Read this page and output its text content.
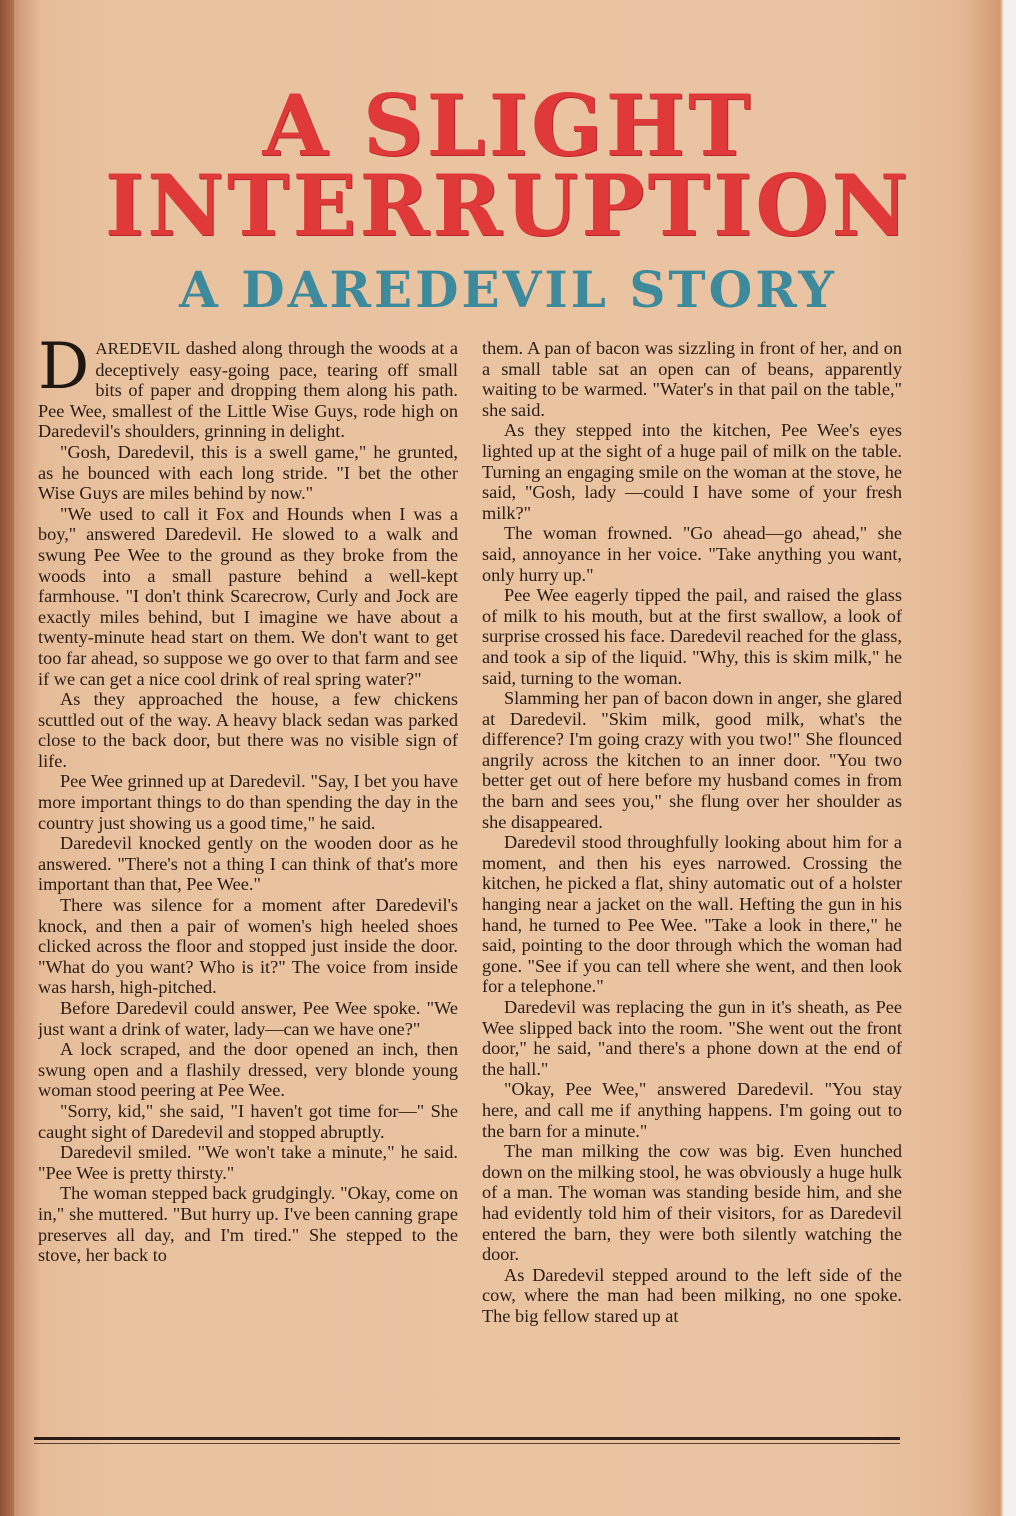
A SLIGHT
INTERRUPTION
A DAREDEVIL STORY

DAREDEVIL dashed along through the woods at a deceptively easy-going pace, tearing off small bits of paper and dropping them along his path. Pee Wee, smallest of the Little Wise Guys, rode high on Daredevil's shoulders, grinning in delight.

"Gosh, Daredevil, this is a swell game," he grunted, as he bounced with each long stride. "I bet the other Wise Guys are miles behind by now."

"We used to call it Fox and Hounds when I was a boy," answered Daredevil. He slowed to a walk and swung Pee Wee to the ground as they broke from the woods into a small pasture behind a well-kept farmhouse. "I don't think Scarecrow, Curly and Jock are exactly miles behind, but I imagine we have about a twenty-minute head start on them. We don't want to get too far ahead, so suppose we go over to that farm and see if we can get a nice cool drink of real spring water?"

As they approached the house, a few chickens scuttled out of the way. A heavy black sedan was parked close to the back door, but there was no visible sign of life.

Pee Wee grinned up at Daredevil. "Say, I bet you have more important things to do than spending the day in the country just showing us a good time," he said.

Daredevil knocked gently on the wooden door as he answered. "There's not a thing I can think of that's more important than that, Pee Wee."

There was silence for a moment after Daredevil's knock, and then a pair of women's high heeled shoes clicked across the floor and stopped just inside the door. "What do you want? Who is it?" The voice from inside was harsh, high-pitched.

Before Daredevil could answer, Pee Wee spoke. "We just want a drink of water, lady—can we have one?"

A lock scraped, and the door opened an inch, then swung open and a flashily dressed, very blonde young woman stood peering at Pee Wee.

"Sorry, kid," she said, "I haven't got time for—" She caught sight of Daredevil and stopped abruptly.

Daredevil smiled. "We won't take a minute," he said. "Pee Wee is pretty thirsty."

The woman stepped back grudgingly. "Okay, come on in," she muttered. "But hurry up. I've been canning grape preserves all day, and I'm tired." She stepped to the stove, her back to

them. A pan of bacon was sizzling in front of her, and on a small table sat an open can of beans, apparently waiting to be warmed. "Water's in that pail on the table," she said.

As they stepped into the kitchen, Pee Wee's eyes lighted up at the sight of a huge pail of milk on the table. Turning an engaging smile on the woman at the stove, he said, "Gosh, lady —could I have some of your fresh milk?"

The woman frowned. "Go ahead—go ahead," she said, annoyance in her voice. "Take anything you want, only hurry up."

Pee Wee eagerly tipped the pail, and raised the glass of milk to his mouth, but at the first swallow, a look of surprise crossed his face. Daredevil reached for the glass, and took a sip of the liquid. "Why, this is skim milk," he said, turning to the woman.

Slamming her pan of bacon down in anger, she glared at Daredevil. "Skim milk, good milk, what's the difference? I'm going crazy with you two!" She flounced angrily across the kitchen to an inner door. "You two better get out of here before my husband comes in from the barn and sees you," she flung over her shoulder as she disappeared.

Daredevil stood throughfully looking about him for a moment, and then his eyes narrowed. Crossing the kitchen, he picked a flat, shiny automatic out of a holster hanging near a jacket on the wall. Hefting the gun in his hand, he turned to Pee Wee. "Take a look in there," he said, pointing to the door through which the woman had gone. "See if you can tell where she went, and then look for a telephone."

Daredevil was replacing the gun in it's sheath, as Pee Wee slipped back into the room. "She went out the front door," he said, "and there's a phone down at the end of the hall."

"Okay, Pee Wee," answered Daredevil. "You stay here, and call me if anything happens. I'm going out to the barn for a minute."

The man milking the cow was big. Even hunched down on the milking stool, he was obviously a huge hulk of a man. The woman was standing beside him, and she had evidently told him of their visitors, for as Daredevil entered the barn, they were both silently watching the door.

As Daredevil stepped around to the left side of the cow, where the man had been milking, no one spoke. The big fellow stared up at
